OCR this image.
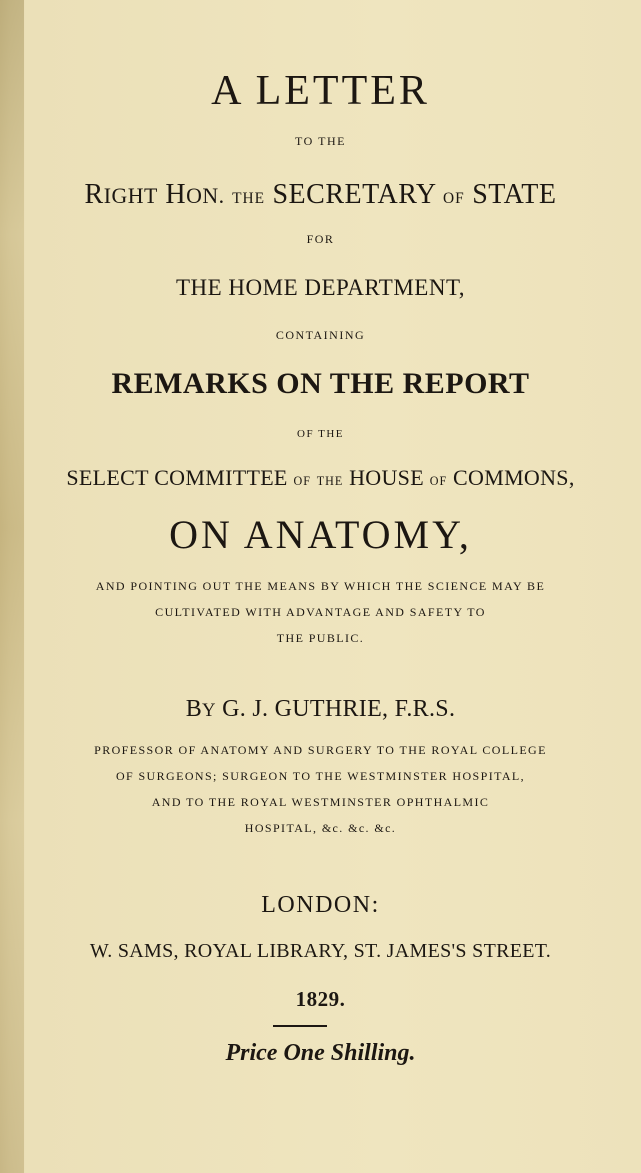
A LETTER
TO THE
RIGHT HON. THE SECRETARY OF STATE
FOR
THE HOME DEPARTMENT,
CONTAINING
REMARKS ON THE REPORT
OF THE
SELECT COMMITTEE OF THE HOUSE OF COMMONS,
ON ANATOMY,
AND POINTING OUT THE MEANS BY WHICH THE SCIENCE MAY BE
CULTIVATED WITH ADVANTAGE AND SAFETY TO
THE PUBLIC.
BY G. J. GUTHRIE, F.R.S.
PROFESSOR OF ANATOMY AND SURGERY TO THE ROYAL COLLEGE
OF SURGEONS; SURGEON TO THE WESTMINSTER HOSPITAL,
AND TO THE ROYAL WESTMINSTER OPHTHALMIC
HOSPITAL, &c. &c. &c.
LONDON:
W. SAMS, ROYAL LIBRARY, ST. JAMES'S STREET.
1829.
Price One Shilling.
